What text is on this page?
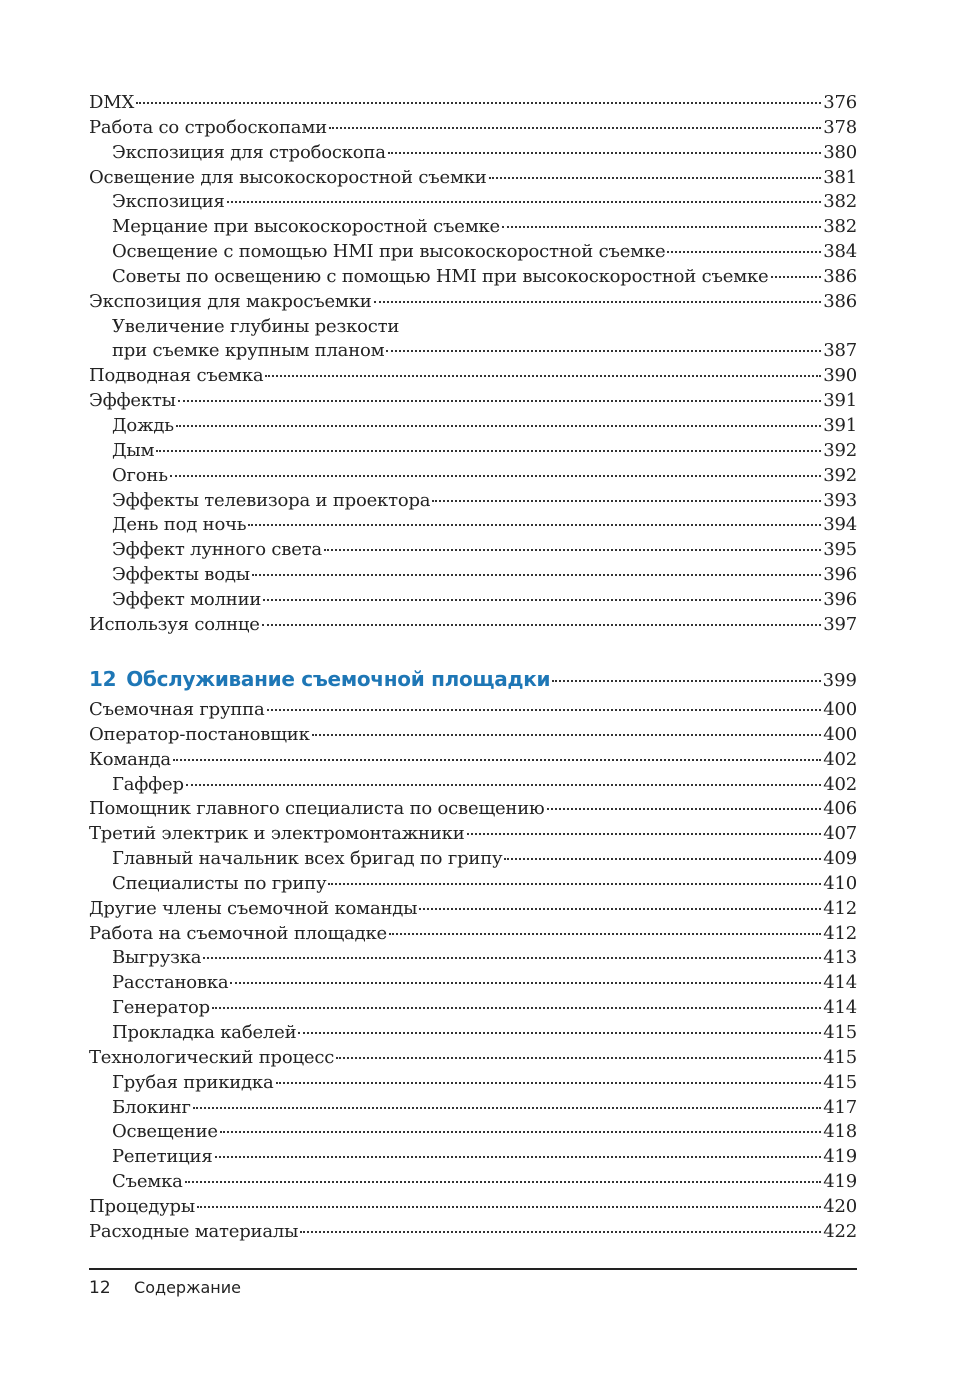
DMX	376
Работа со стробоскопами	378
Экспозиция для стробоскопа	380
Освещение для высокоскоростной съемки	381
Экспозиция	382
Мерцание при высокоскоростной съемке	382
Освещение с помощью HMI при высокоскоростной съемке	384
Советы по освещению с помощью HMI при высокоскоростной съемке	386
Экспозиция для макросъемки	386
Увеличение глубины резкости
при съемке крупным планом	387
Подводная съемка	390
Эффекты	391
Дождь	391
Дым	392
Огонь	392
Эффекты телевизора и проектора	393
День под ночь	394
Эффект лунного света	395
Эффекты воды	396
Эффект молнии	396
Используя солнце	397
12 Обслуживание съемочной площадки	399
Съемочная группа	400
Оператор-постановщик	400
Команда	402
Гаффер	402
Помощник главного специалиста по освещению	406
Третий электрик и электромонтажники	407
Главный начальник всех бригад по грипу	409
Специалисты по грипу	410
Другие члены съемочной команды	412
Работа на съемочной площадке	412
Выгрузка	413
Расстановка	414
Генератор	414
Прокладка кабелей	415
Технологический процесс	415
Грубая прикидка	415
Блокинг	417
Освещение	418
Репетиция	419
Съемка	419
Процедуры	420
Расходные материалы	422
12 Содержание
